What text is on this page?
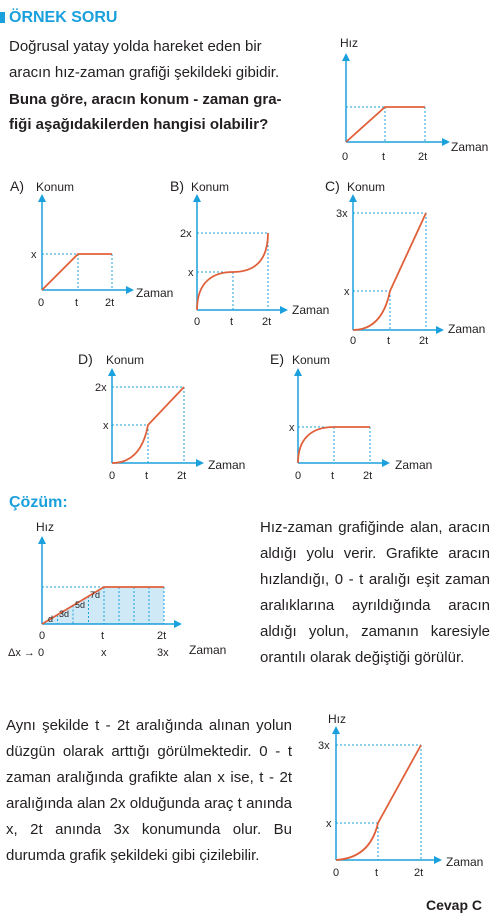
ÖRNEK SORU
Doğrusal yatay yolda hareket eden bir
aracın hız-zaman grafiği şekildeki gibidir.
Buna göre, aracın konum - zaman gra-
fiği aşağıdakilerden hangisi olabilir?
Hız
Zaman
0	t	2t
A) Konum
x
0	t 2t
Zaman
B) Konum
2x
x
0	t	2t
Zaman
C) Konum
3x
x
0	t	2t
Zaman
D) Konum
2x
x
0	t	2t
Zaman
E) Konum
x
0	t	2t
Zaman
Hız
Zaman
d 3d
5d
7d
0	t	2t
Δx → 0	x	3x
Hız
3x
x
0	t	2t
Zaman
Çözüm:
Hız-zaman grafiğinde alan, aracın aldığı yolu verir. Grafikte aracın hızlandığı, 0 - t aralığı eşit zaman aralıklarına ayrıldığında aracın aldığı yolun, zamanın karesiyle orantılı olarak değiştiği görülür.
Aynı şekilde t - 2t aralığında alınan yolun düzgün olarak arttığı görülmektedir. 0 - t zaman aralığında grafikte alan x ise, t - 2t aralığında alan 2x olduğunda araç t anında x, 2t anında 3x konumunda olur. Bu durumda grafik şekildeki gibi çizilebilir.
Cevap C
